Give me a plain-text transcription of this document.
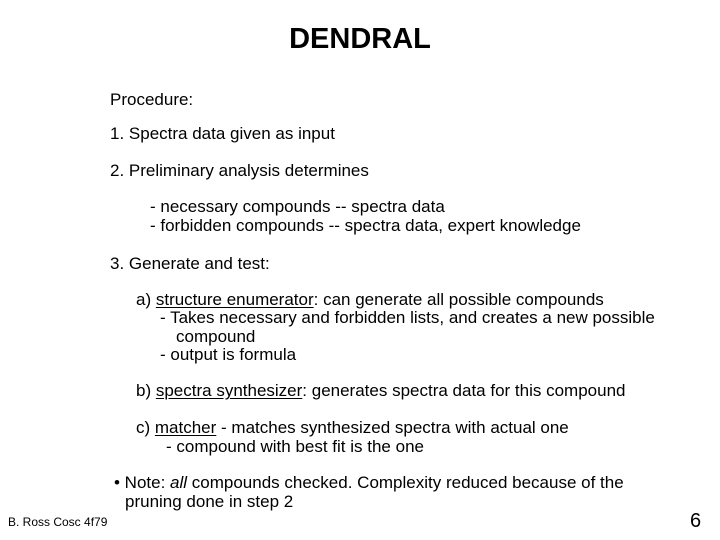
DENDRAL
Procedure:
1. Spectra data given as input
2. Preliminary analysis determines
- necessary compounds -- spectra data
- forbidden compounds -- spectra data, expert knowledge
3. Generate and test:
a) structure enumerator: can generate all possible compounds
- Takes necessary and forbidden lists, and creates a new possible
compound
- output is formula
b) spectra synthesizer: generates spectra data for this compound
c) matcher - matches synthesized spectra with actual one
- compound with best fit is the one
• Note: all compounds checked. Complexity reduced because of the
pruning done in step 2
B. Ross Cosc 4f79	6
